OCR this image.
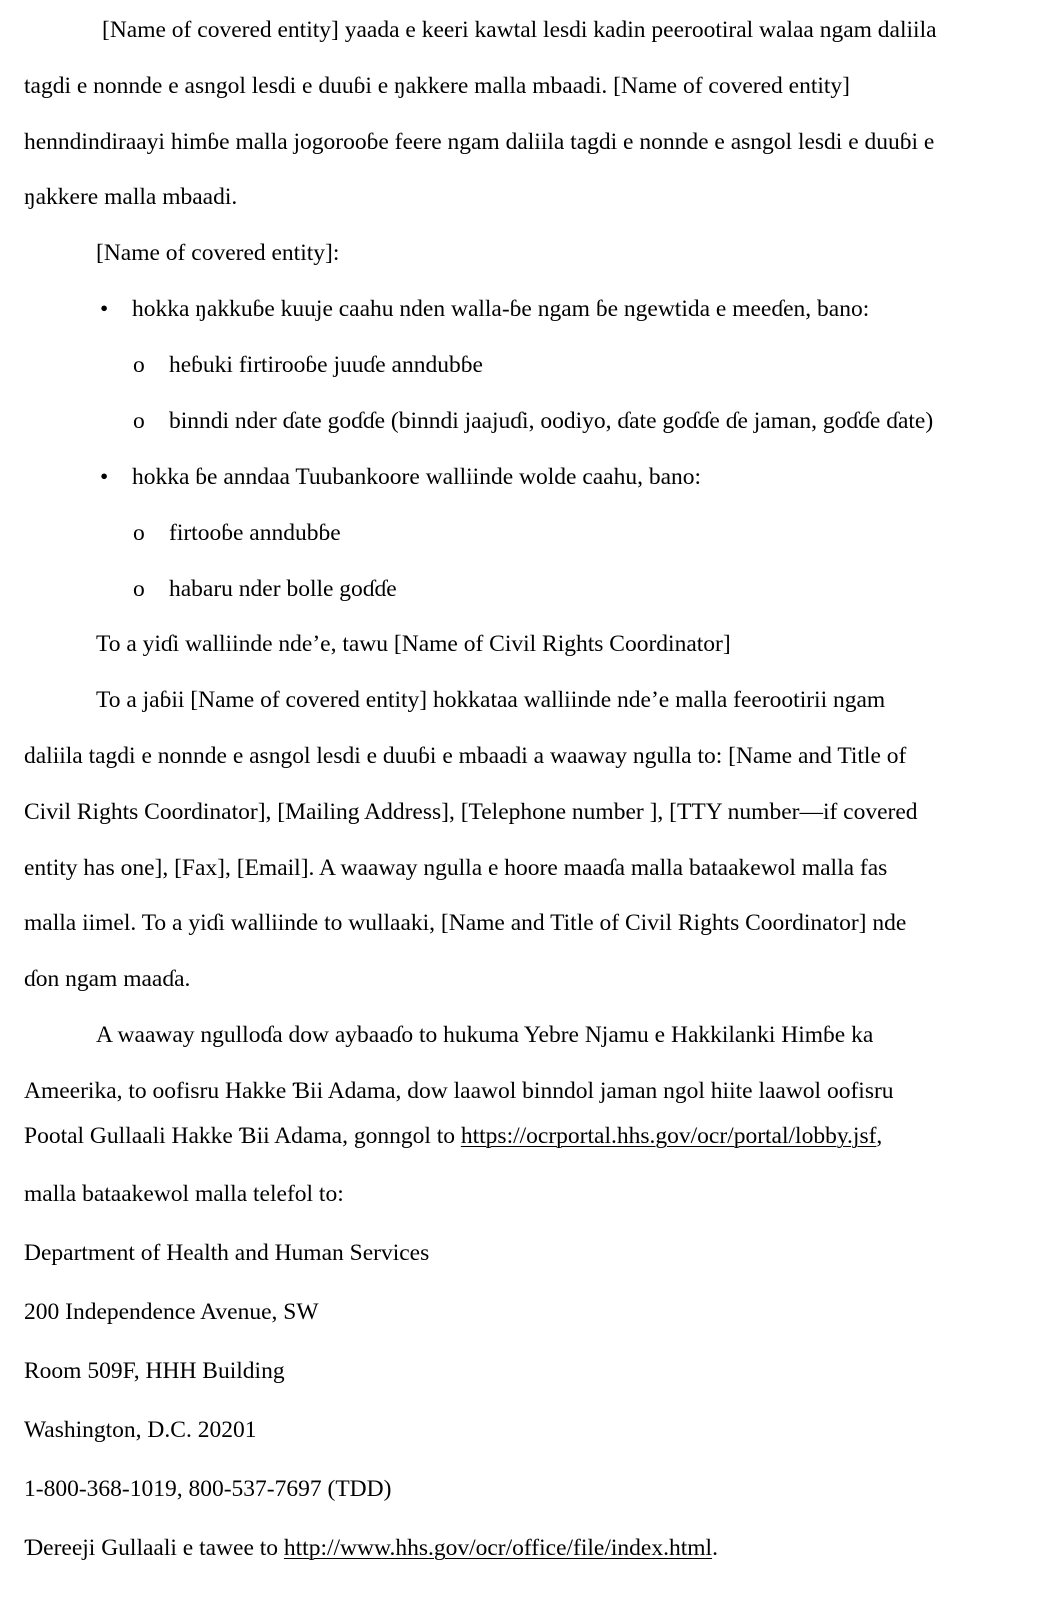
[Name of covered entity] yaada e keeri kawtal lesdi kadin peerootiral walaa ngam daliila
tagdi e nonnde e asngol lesdi e duuɓi e ŋakkere malla mbaadi. [Name of covered entity]
henndindiraayi himɓe malla jogorooɓe feere ngam daliila tagdi e nonnde e asngol lesdi e duuɓi e
ŋakkere malla mbaadi.
[Name of covered entity]:
• hokka ŋakkuɓe kuuje caahu nden walla-ɓe ngam ɓe ngewtida e meeɗen, bano:
o heɓuki firtirooɓe juuɗe anndubɓe
o binndi nder ɗate goɗɗe (binndi jaajuɗi, oodiyo, ɗate goɗɗe ɗe jaman, goɗɗe ɗate)
• hokka ɓe anndaa Tuubankoore walliinde wolde caahu, bano:
o firtooɓe anndubɓe
o habaru nder bolle goɗɗe
To a yiɗi walliinde nde’e, tawu [Name of Civil Rights Coordinator]
To a jaɓii [Name of covered entity] hokkataa walliinde nde’e malla feerootirii ngam
daliila tagdi e nonnde e asngol lesdi e duuɓi e mbaadi a waaway ngulla to: [Name and Title of
Civil Rights Coordinator], [Mailing Address], [Telephone number ], [TTY number—if covered
entity has one], [Fax], [Email]. A waaway ngulla e hoore maaɗa malla bataakewol malla fas
malla iimel. To a yiɗi walliinde to wullaaki, [Name and Title of Civil Rights Coordinator] nde
ɗon ngam maaɗa.
A waaway ngulloɗa dow aybaaɗo to hukuma Yebre Njamu e Hakkilanki Himɓe ka
Ameerika, to oofisru Hakke Ɓii Adama, dow laawol binndol jaman ngol hiite laawol oofisru
Pootal Gullaali Hakke Ɓii Adama, gonngol to https://ocrportal.hhs.gov/ocr/portal/lobby.jsf,
malla bataakewol malla telefol to:
Department of Health and Human Services
200 Independence Avenue, SW
Room 509F, HHH Building
Washington, D.C. 20201
1-800-368-1019, 800-537-7697 (TDD)
Ɗereeji Gullaali e tawee to http://www.hhs.gov/ocr/office/file/index.html.
